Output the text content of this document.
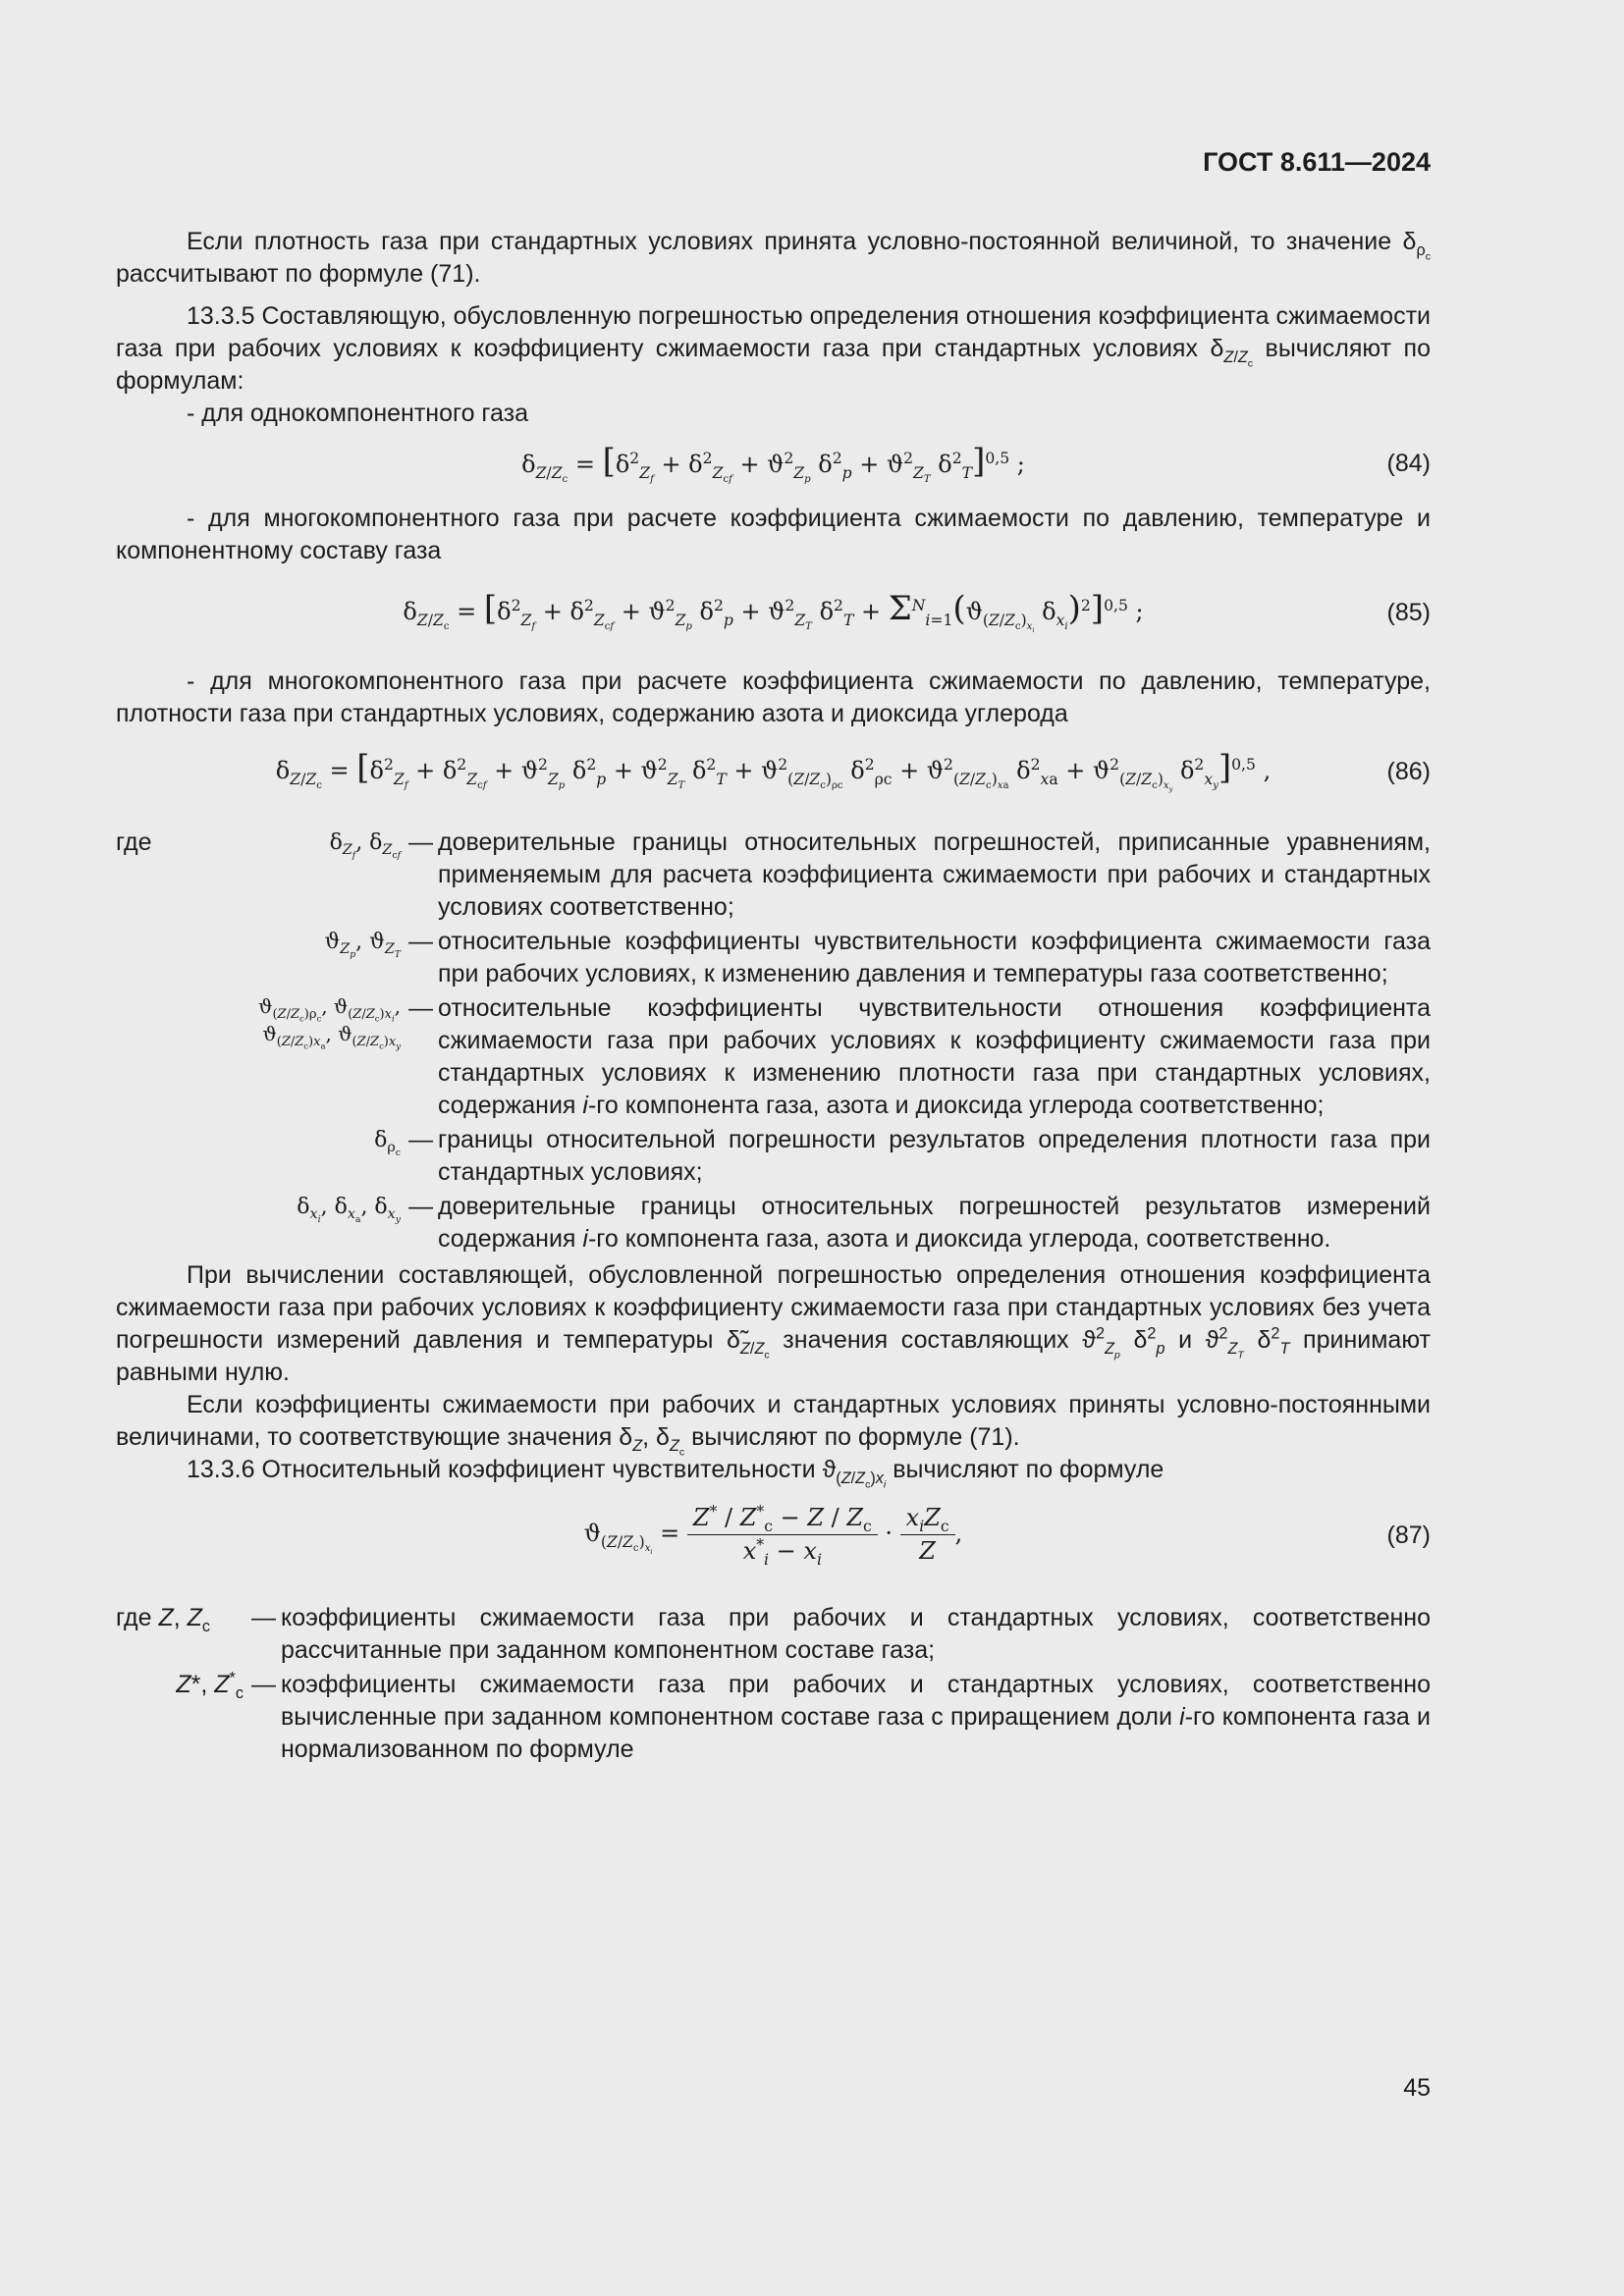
ГОСТ 8.611—2024

Если плотность газа при стандартных условиях принята условно-постоянной величиной, то значение $\delta_{\rho_c}$ рассчитывают по формуле (71).

13.3.5 Составляющую, обусловленную погрешностью определения отношения коэффициента сжимаемости газа при рабочих условиях к коэффициенту сжимаемости газа при стандартных условиях $\delta_{Z/Z_c}$ вычисляют по формулам:

- для однокомпонентного газа

$\delta_{Z/Z_c} = [\delta^2_{Z_f} + \delta^2_{Z_{cf}} + ϑ^2_{Z_p}$ $\delta^2_p + ϑ^2_{Z_T}$ $\delta^2_T]^{0,5}$ ;	(84)

- для многокомпонентного газа при расчете коэффициента сжимаемости по давлению, температуре и компонентному составу газа

$\delta_{Z/Z_c} = [\delta^2_{Z_f} + \delta^2_{Z_{cf}} + ϑ^2_{Z_p}$ $\delta^2_p + ϑ^2_{Z_T}$ $\delta^2_T + \Sigma^N_{i=1}(ϑ_{(Z/Z_c)_{x_i}}$ $\delta_{x_i})^2]^{0,5}$ ;	(85)

- для многокомпонентного газа при расчете коэффициента сжимаемости по давлению, температуре, плотности газа при стандартных условиях, содержанию азота и диоксида углерода

$\delta_{Z/Z_c} = [\delta^2_{Z_f} + \delta^2_{Z_{cf}} + ϑ^2_{Z_p}$ $\delta^2_p + ϑ^2_{Z_T}$ $\delta^2_T + ϑ^2_{(Z/Z_c)_{\rho c}}$ $\delta^2_{\rho c} + ϑ^2_{(Z/Z_c)_{xa}}$ $\delta^2_{xa} + ϑ^2_{(Z/Z_c)_{x_y}}$ $\delta^2_{x_y}]^{0,5}$ ,	(86)
где	$\delta_{Z_f}$, $\delta_{Z_{cf}}$ — доверительные границы относительных погрешностей, приписанные уравнениям, применяемым для расчета коэффициента сжимаемости при рабочих и стандартных условиях соответственно;
$ϑ_{Z_p}$, $ϑ_{Z_T}$ — относительные коэффициенты чувствительности коэффициента сжимаемости газа при рабочих условиях, к изменению давления и температуры газа соответственно;
$ϑ_{(Z/Z_c)\rho_c}$, $ϑ_{(Z/Z_c)x_i}$,
$ϑ_{(Z/Z_c)x_a}$, $ϑ_{(Z/Z_c)x_y}$
— относительные коэффициенты чувствительности отношения коэффициента сжимаемости газа при рабочих условиях к коэффициенту сжимаемости газа при стандартных условиях к изменению плотности газа при стандартных условиях, содержания i-го компонента газа, азота и диоксида углерода соответственно;
$\delta_{\rho_c}$ — границы относительной погрешности результатов определения плотности газа при стандартных условиях;
$\delta_{x_i}$, $\delta_{x_a}$, $\delta_{x_y}$ — доверительные границы относительных погрешностей результатов измерений содержания i-го компонента газа, азота и диоксида углерода, соответственно.

При вычислении составляющей, обусловленной погрешностью определения отношения коэффициента сжимаемости газа при рабочих условиях к коэффициенту сжимаемости газа при стандартных условиях без учета погрешности измерений давления и температуры $\deltã_{Z/Z_c}$ значения составляющих $ϑ^2_{Z_p}$ $\delta^2_p$ и $ϑ^2_{Z_T}$ $\delta^2_T$ принимают равными нулю.

Если коэффициенты сжимаемости при рабочих и стандартных условиях приняты условно-постоянными величинами, то соответствующие значения $\delta_Z$, $\delta_{Z_c}$ вычисляют по формуле (71).

13.3.6 Относительный коэффициент чувствительности $ϑ_{(Z/Z_c)x_i}$ вычисляют по формуле

$ϑ_{(Z/Z_c)_{x_i}} = \frac{Z^* / Z^*_c - Z / Z_c}{x^*_i - x_i} \cdot \frac{x_iZ_c}{Z}$ ,	(87)
где Z, $Z_c$	— коэффициенты сжимаемости газа при рабочих и стандартных условиях, соответственно рассчитанные при заданном компонентном составе газа;
Z*, $Z^*_c$ — коэффициенты сжимаемости газа при рабочих и стандартных условиях, соответственно вычисленные при заданном компонентном составе газа с приращением доли i-го компонента газа и нормализованном по формуле
45
